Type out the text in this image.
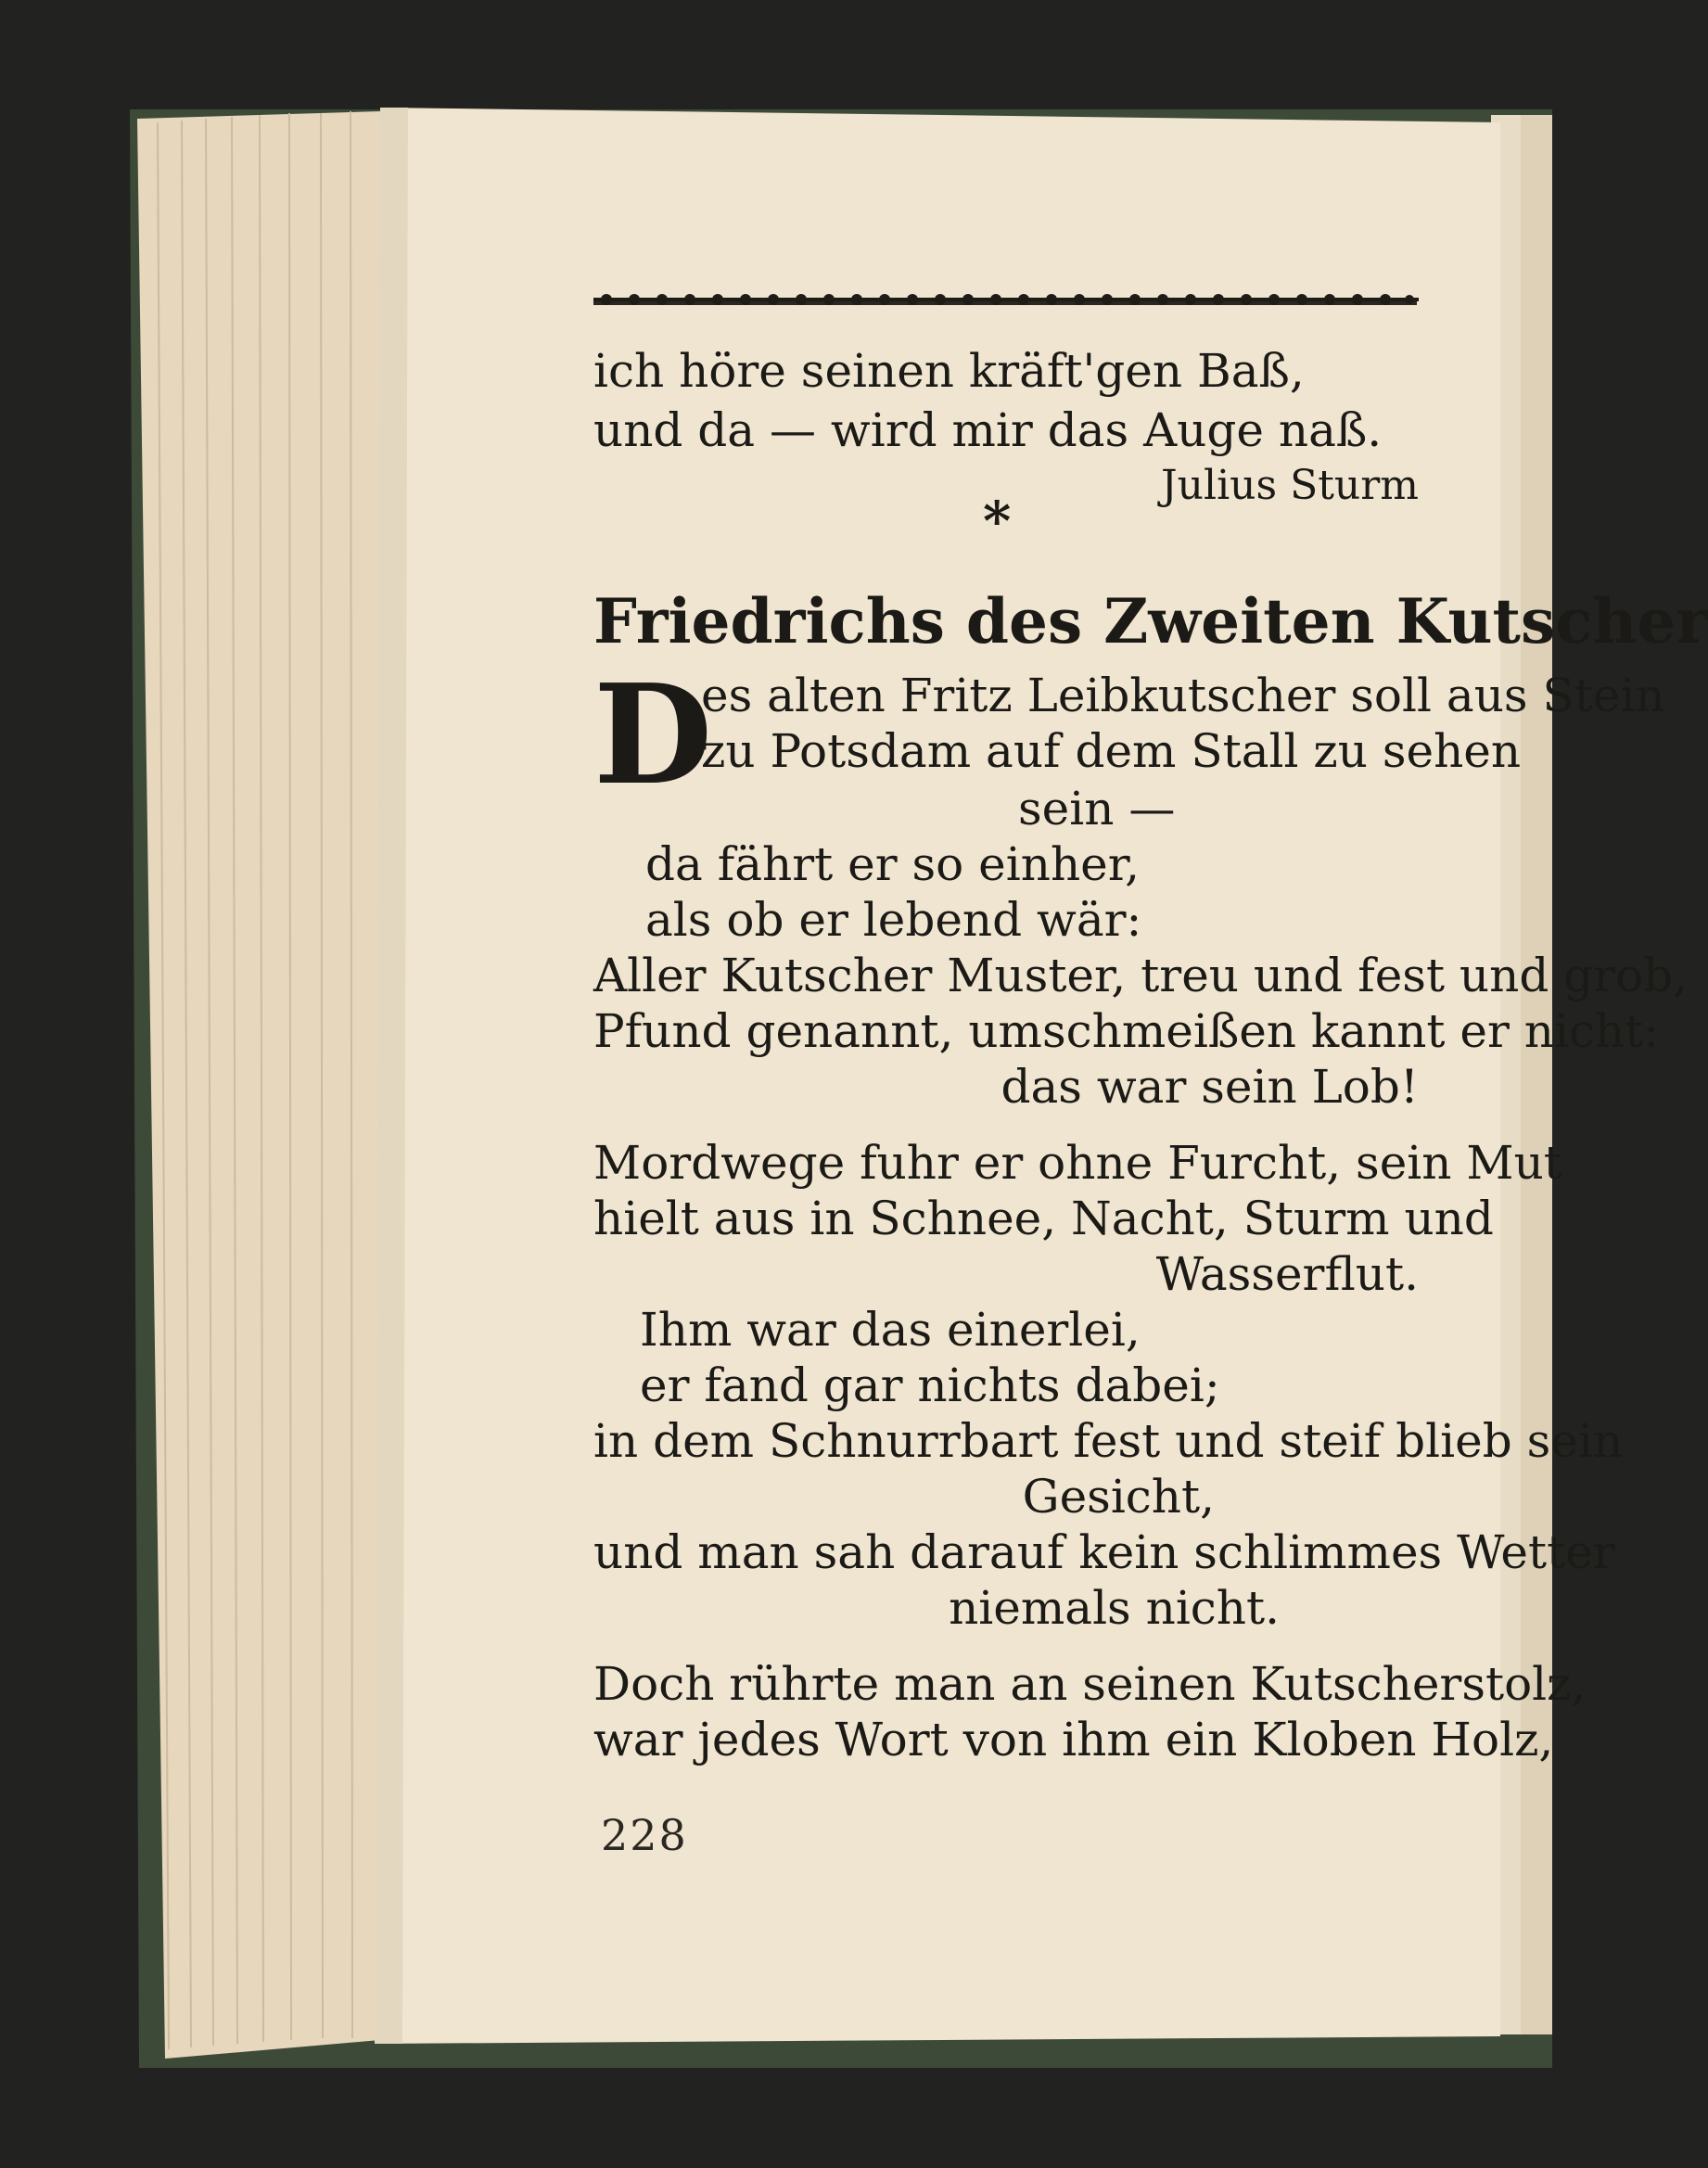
ich höre seinen kräft'gen Baß,
und da — wird mir das Auge naß.
Julius Sturm
*
Friedrichs des Zweiten Kutscher
D
es alten Fritz Leibkutscher soll aus Stein
zu Potsdam auf dem Stall zu sehen
sein —
da fährt er so einher,
als ob er lebend wär:
Aller Kutscher Muster, treu und fest und grob,
Pfund genannt, umschmeißen kannt er nicht:
das war sein Lob!
Mordwege fuhr er ohne Furcht, sein Mut
hielt aus in Schnee, Nacht, Sturm und
Wasserflut.
Ihm war das einerlei,
er fand gar nichts dabei;
in dem Schnurrbart fest und steif blieb sein
Gesicht,
und man sah darauf kein schlimmes Wetter
niemals nicht.
Doch rührte man an seinen Kutscherstolz,
war jedes Wort von ihm ein Kloben Holz,
228
